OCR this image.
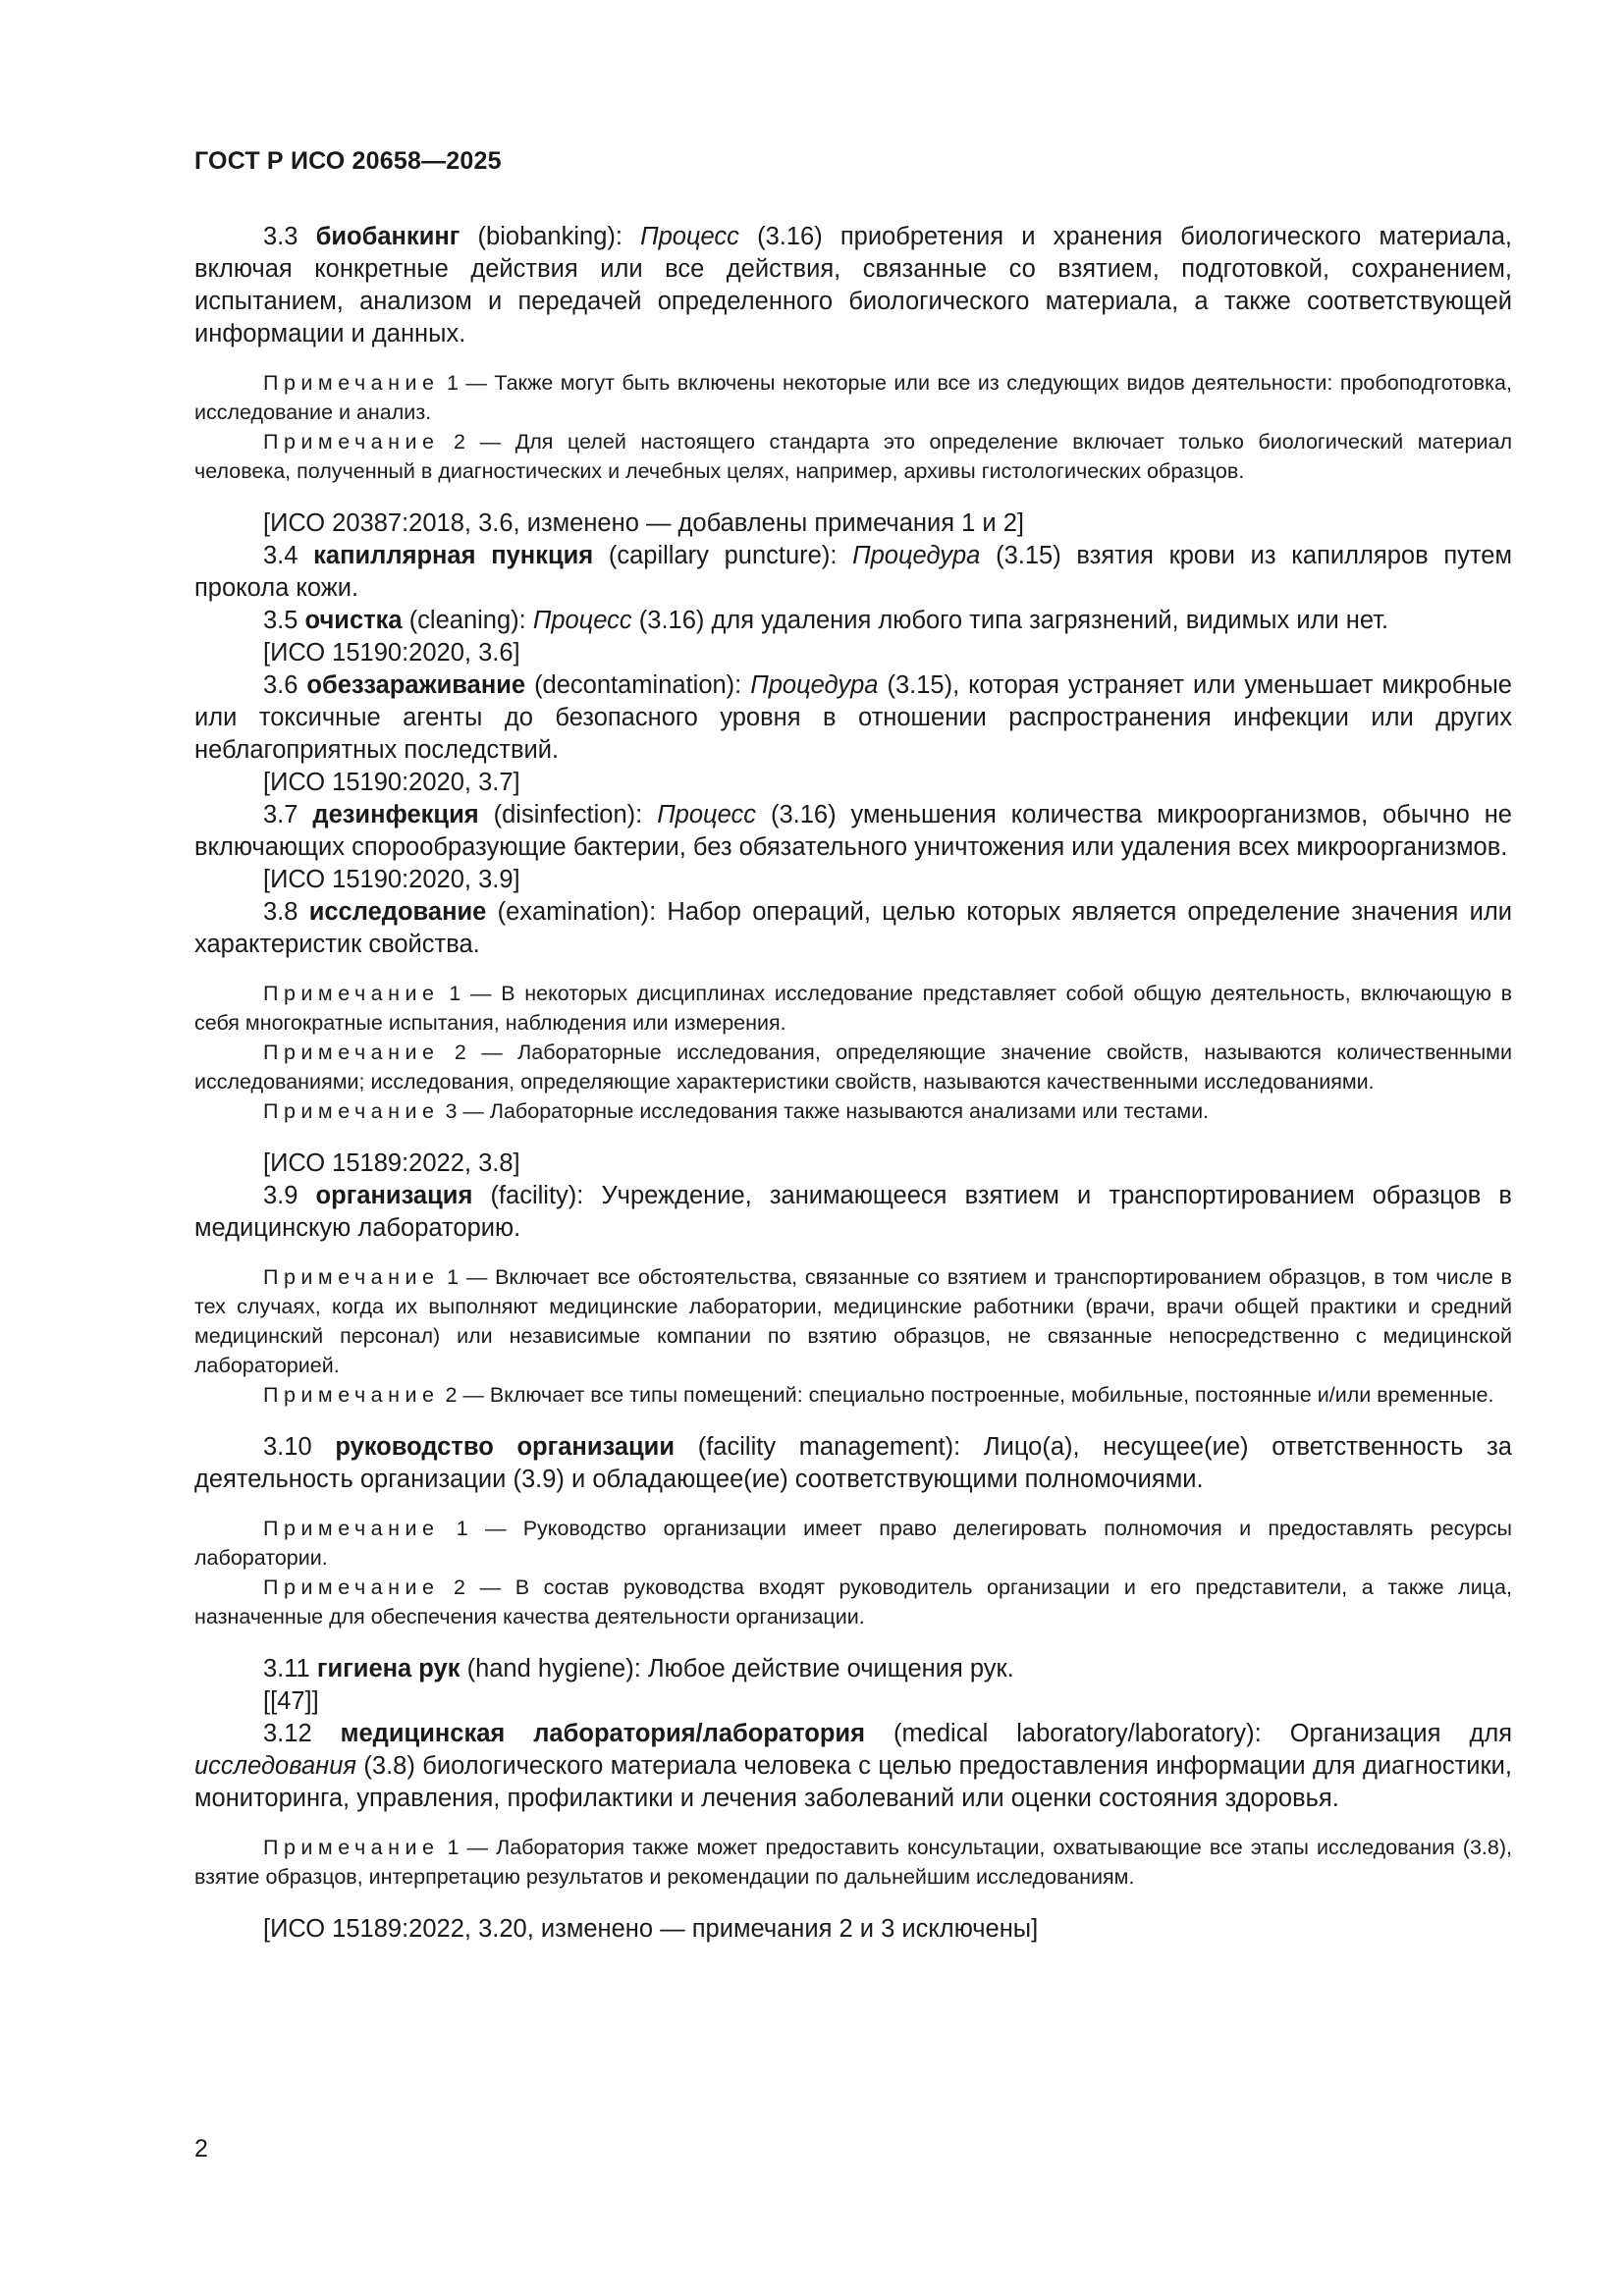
ГОСТ Р ИСО 20658—2025

3.3 биобанкинг (biobanking): Процесс (3.16) приобретения и хранения биологического материала, включая конкретные действия или все действия, связанные со взятием, подготовкой, сохранением, испытанием, анализом и передачей определенного биологического материала, а также соответствующей информации и данных.

Примечание 1 — Также могут быть включены некоторые или все из следующих видов деятельности: пробоподготовка, исследование и анализ.

Примечание 2 — Для целей настоящего стандарта это определение включает только биологический материал человека, полученный в диагностических и лечебных целях, например, архивы гистологических образцов.

[ИСО 20387:2018, 3.6, изменено — добавлены примечания 1 и 2]

3.4 капиллярная пункция (capillary puncture): Процедура (3.15) взятия крови из капилляров путем прокола кожи.

3.5 очистка (cleaning): Процесс (3.16) для удаления любого типа загрязнений, видимых или нет.

[ИСО 15190:2020, 3.6]

3.6 обеззараживание (decontamination): Процедура (3.15), которая устраняет или уменьшает микробные или токсичные агенты до безопасного уровня в отношении распространения инфекции или других неблагоприятных последствий.

[ИСО 15190:2020, 3.7]

3.7 дезинфекция (disinfection): Процесс (3.16) уменьшения количества микроорганизмов, обычно не включающих спорообразующие бактерии, без обязательного уничтожения или удаления всех микроорганизмов.

[ИСО 15190:2020, 3.9]

3.8 исследование (examination): Набор операций, целью которых является определение значения или характеристик свойства.

Примечание 1 — В некоторых дисциплинах исследование представляет собой общую деятельность, включающую в себя многократные испытания, наблюдения или измерения.

Примечание 2 — Лабораторные исследования, определяющие значение свойств, называются количественными исследованиями; исследования, определяющие характеристики свойств, называются качественными исследованиями.

Примечание 3 — Лабораторные исследования также называются анализами или тестами.

[ИСО 15189:2022, 3.8]

3.9 организация (facility): Учреждение, занимающееся взятием и транспортированием образцов в медицинскую лабораторию.

Примечание 1 — Включает все обстоятельства, связанные со взятием и транспортированием образцов, в том числе в тех случаях, когда их выполняют медицинские лаборатории, медицинские работники (врачи, врачи общей практики и средний медицинский персонал) или независимые компании по взятию образцов, не связанные непосредственно с медицинской лабораторией.

Примечание 2 — Включает все типы помещений: специально построенные, мобильные, постоянные и/или временные.

3.10 руководство организации (facility management): Лицо(а), несущее(ие) ответственность за деятельность организации (3.9) и обладающее(ие) соответствующими полномочиями.

Примечание 1 — Руководство организации имеет право делегировать полномочия и предоставлять ресурсы лаборатории.

Примечание 2 — В состав руководства входят руководитель организации и его представители, а также лица, назначенные для обеспечения качества деятельности организации.

3.11 гигиена рук (hand hygiene): Любое действие очищения рук.

[[47]]

3.12 медицинская лаборатория/лаборатория (medical laboratory/laboratory): Организация для исследования (3.8) биологического материала человека с целью предоставления информации для диагностики, мониторинга, управления, профилактики и лечения заболеваний или оценки состояния здоровья.

Примечание 1 — Лаборатория также может предоставить консультации, охватывающие все этапы исследования (3.8), взятие образцов, интерпретацию результатов и рекомендации по дальнейшим исследованиям.

[ИСО 15189:2022, 3.20, изменено — примечания 2 и 3 исключены]

2
